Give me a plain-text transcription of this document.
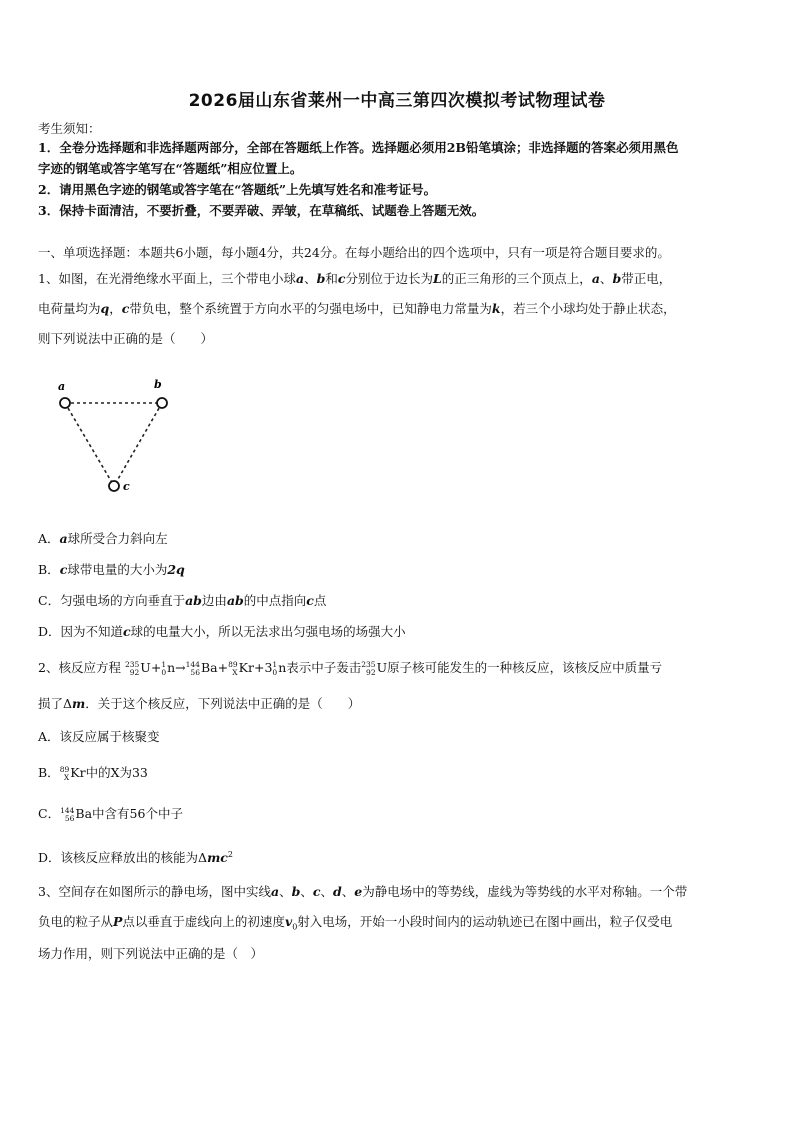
2026届山东省莱州一中高三第四次模拟考试物理试卷
考生须知：
1．全卷分选择题和非选择题两部分，全部在答题纸上作答。选择题必须用2B铅笔填涂；非选择题的答案必须用黑色
字迹的钢笔或答字笔写在“答题纸”相应位置上。
2．请用黑色字迹的钢笔或答字笔在“答题纸”上先填写姓名和准考证号。
3．保持卡面清洁，不要折叠，不要弄破、弄皱，在草稿纸、试题卷上答题无效。
一、单项选择题：本题共6小题，每小题4分，共24分。在每小题给出的四个选项中，只有一项是符合题目要求的。
1、如图，在光滑绝缘水平面上，三个带电小球a、b和c分别位于边长为L的正三角形的三个顶点上，a、b带正电，
电荷量均为q，c带负电，整个系统置于方向水平的匀强电场中，已知静电力常量为k，若三个小球均处于静止状态，
则下列说法中正确的是（　　）
a	b
c
A．a球所受合力斜向左
B．c球带电量的大小为2q
C．匀强电场的方向垂直于ab边由ab的中点指向c点
D．因为不知道c球的电量大小，所以无法求出匀强电场的场强大小
2、核反应方程 235
92 U+ 1
0 n→ 144
56 Ba+ 89
X Kr+3 1
0 n表示中子轰击 235
92 U原子核可能发生的一种核反应，该核反应中质量亏
损了Δm．关于这个核反应，下列说法中正确的是（　　）
A．该反应属于核聚变
B． 89
X Kr中的X为33
C． 144
56 Ba中含有56个中子
D．该核反应释放出的核能为Δmc$^2$
3、空间存在如图所示的静电场，图中实线a、b、c、d、e为静电场中的等势线，虚线为等势线的水平对称轴。一个带
负电的粒子从P点以垂直于虚线向上的初速度$v_0$射入电场，开始一小段时间内的运动轨迹已在图中画出，粒子仅受电
场力作用，则下列说法中正确的是（　）
